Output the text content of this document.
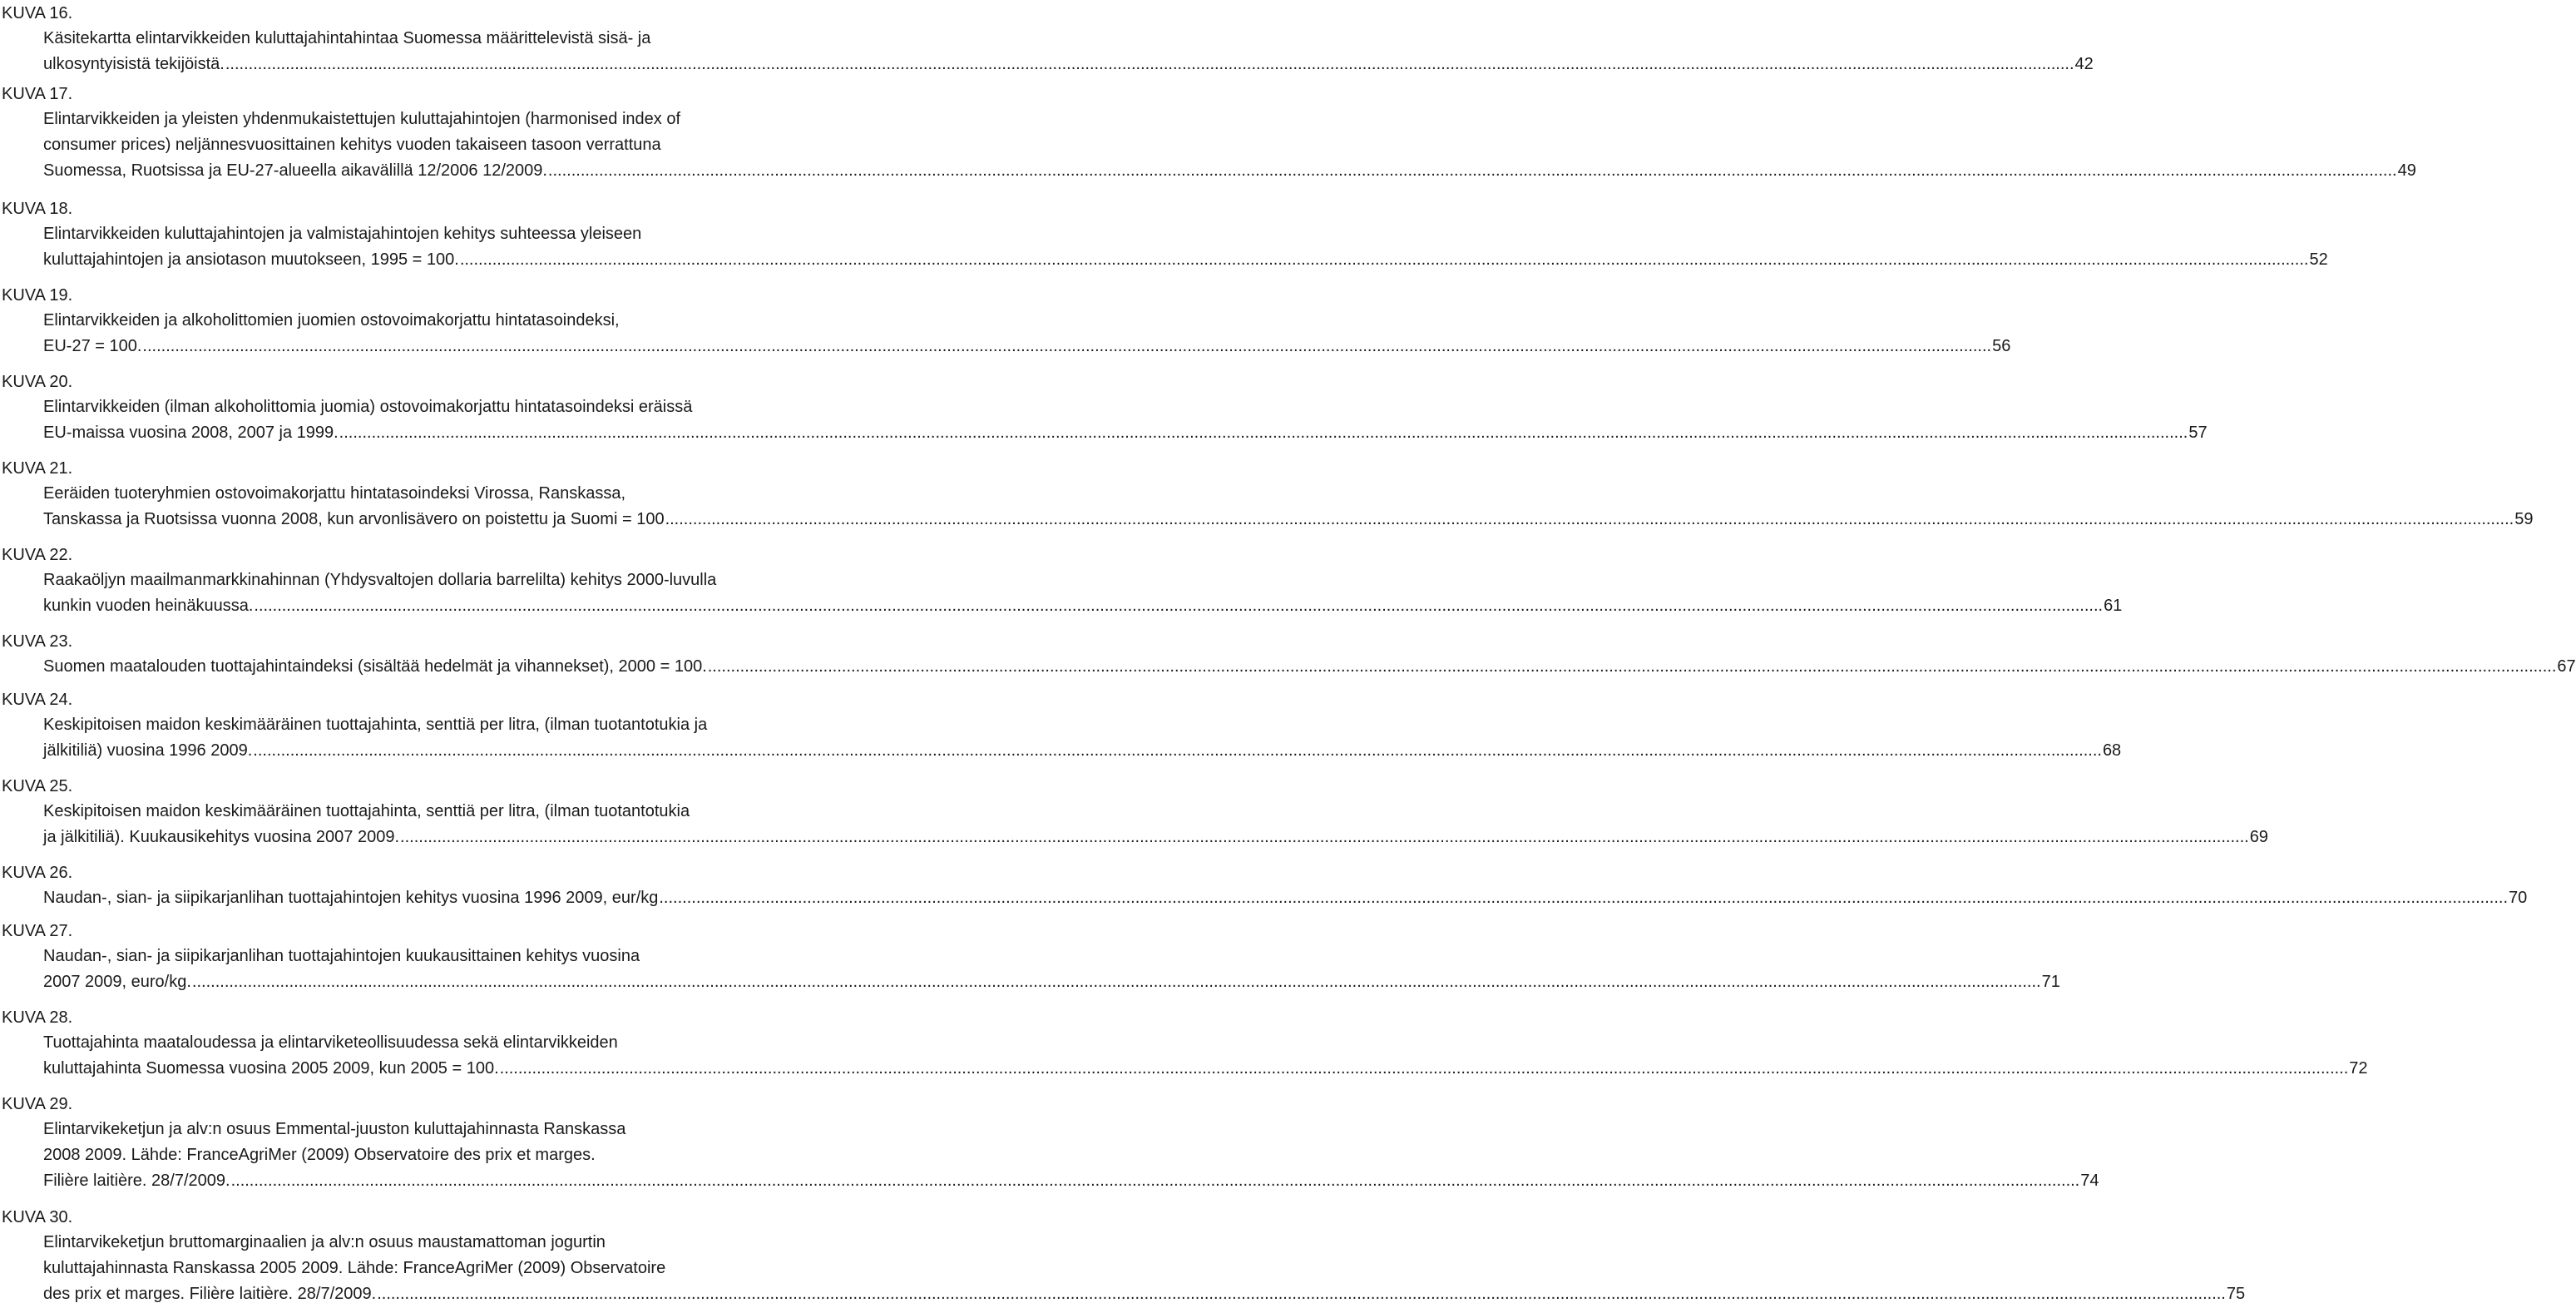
KUVA 16.
Käsitekartta elintarvikkeiden kuluttajahintahintaa Suomessa määrittelevistä sisä- ja
ulkosyntyisistä tekijöistä. ................................................................................................................................................................................................................................................................................................................................................................................................................ 42
KUVA 17.
Elintarvikkeiden ja yleisten yhdenmukaistettujen kuluttajahintojen (harmonised index of
consumer prices) neljännesvuosittainen kehitys vuoden takaiseen tasoon verrattuna
Suomessa, Ruotsissa ja EU-27-alueella aikavälillä 12/2006 12/2009. ................................................................................................................................................................................................................................................................................................................................................................................................................ 49
KUVA 18.
Elintarvikkeiden kuluttajahintojen ja valmistajahintojen kehitys suhteessa yleiseen
kuluttajahintojen ja ansiotason muutokseen, 1995 = 100. ................................................................................................................................................................................................................................................................................................................................................................................................................ 52
KUVA 19.
Elintarvikkeiden ja alkoholittomien juomien ostovoimakorjattu hintatasoindeksi,
EU-27 = 100. ................................................................................................................................................................................................................................................................................................................................................................................................................ 56
KUVA 20.
Elintarvikkeiden (ilman alkoholittomia juomia) ostovoimakorjattu hintatasoindeksi eräissä
EU-maissa vuosina 2008, 2007 ja 1999. ................................................................................................................................................................................................................................................................................................................................................................................................................ 57
KUVA 21.
Eeräiden tuoteryhmien ostovoimakorjattu hintatasoindeksi Virossa, Ranskassa,
Tanskassa ja Ruotsissa vuonna 2008, kun arvonlisävero on poistettu ja Suomi = 100 ................................................................................................................................................................................................................................................................................................................................................................................................................ 59
KUVA 22.
Raakaöljyn maailmanmarkkinahinnan (Yhdysvaltojen dollaria barrelilta) kehitys 2000-luvulla
kunkin vuoden heinäkuussa. ................................................................................................................................................................................................................................................................................................................................................................................................................ 61
KUVA 23.
Suomen maatalouden tuottajahintaindeksi (sisältää hedelmät ja vihannekset), 2000 = 100. ................................................................................................................................................................................................................................................................................................................................................................................................................ 67
KUVA 24.
Keskipitoisen maidon keskimääräinen tuottajahinta, senttiä per litra, (ilman tuotantotukia ja
jälkitiliä) vuosina 1996 2009. ................................................................................................................................................................................................................................................................................................................................................................................................................ 68
KUVA 25.
Keskipitoisen maidon keskimääräinen tuottajahinta, senttiä per litra, (ilman tuotantotukia
ja jälkitiliä). Kuukausikehitys vuosina 2007 2009. ................................................................................................................................................................................................................................................................................................................................................................................................................ 69
KUVA 26.
Naudan-, sian- ja siipikarjanlihan tuottajahintojen kehitys vuosina 1996 2009, eur/kg ................................................................................................................................................................................................................................................................................................................................................................................................................ 70
KUVA 27.
Naudan-, sian- ja siipikarjanlihan tuottajahintojen kuukausittainen kehitys vuosina
2007 2009, euro/kg. ................................................................................................................................................................................................................................................................................................................................................................................................................ 71
KUVA 28.
Tuottajahinta maataloudessa ja elintarviketeollisuudessa sekä elintarvikkeiden
kuluttajahinta Suomessa vuosina 2005 2009, kun 2005 = 100. ................................................................................................................................................................................................................................................................................................................................................................................................................ 72
KUVA 29.
Elintarvikeketjun ja alv:n osuus Emmental-juuston kuluttajahinnasta Ranskassa
2008 2009. Lähde: FranceAgriMer (2009) Observatoire des prix et marges.
Filière laitière. 28/7/2009. ................................................................................................................................................................................................................................................................................................................................................................................................................ 74
KUVA 30.
Elintarvikeketjun bruttomarginaalien ja alv:n osuus maustamattoman jogurtin
kuluttajahinnasta Ranskassa 2005 2009. Lähde: FranceAgriMer (2009) Observatoire
des prix et marges. Filière laitière. 28/7/2009. ................................................................................................................................................................................................................................................................................................................................................................................................................ 75
